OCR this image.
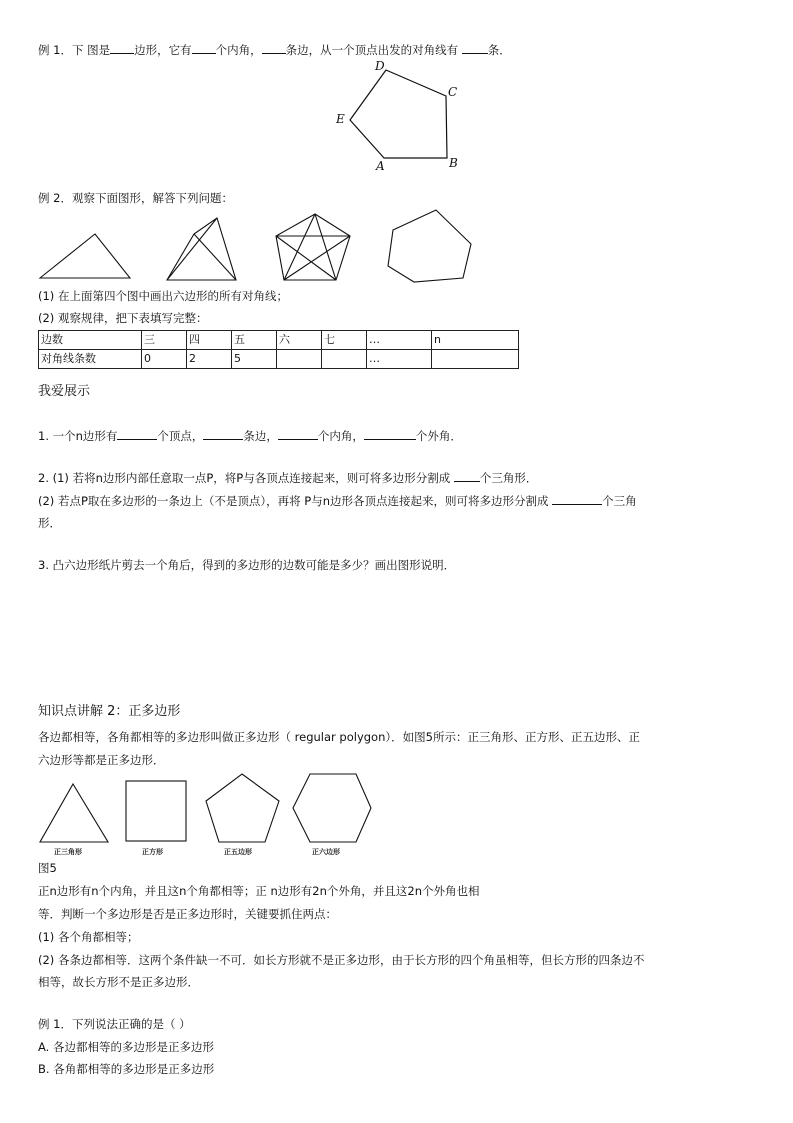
例 1．下 图是 边形，它有 个内角， 条边，从一个顶点出发的对角线有 条．
D
C
E
A	B
例 2．观察下面图形，解答下列问题：
(1) 在上面第四个图中画出六边形的所有对角线；
(2) 观察规律，把下表填写完整：
边数	三	四	五	六	七	…	n
对角线条数	0	2	5			…	
我爱展示
1. 一个n边形有	个顶点，	条边，	个内角，	个外角．
2. (1) 若将n边形内部任意取一点P，将P与各顶点连接起来，则可将多边形分割成 个三角形．
(2) 若点P取在多边形的一条边上（不是顶点），再将 P与n边形各顶点连接起来，则可将多边形分割成	个三角
形．
3. 凸六边形纸片剪去一个角后，得到的多边形的边数可能是多少？画出图形说明．
知识点讲解 2：正多边形
各边都相等，各角都相等的多边形叫做正多边形（ regular polygon）．如图5所示：正三角形、正方形、正五边形、正
六边形等都是正多边形．
正三角形	正方形	正五边形	正六边形
图5
正n边形有n个内角，并且这n个角都相等；正 n边形有2n个外角，并且这2n个外角也相
等．判断一个多边形是否是正多边形时，关键要抓住两点：
(1) 各个角都相等；
(2) 各条边都相等．这两个条件缺一不可．如长方形就不是正多边形，由于长方形的四个角虽相等，但长方形的四条边不
相等，故长方形不是正多边形．
例 1．下列说法正确的是（ ）
A. 各边都相等的多边形是正多边形
B. 各角都相等的多边形是正多边形
